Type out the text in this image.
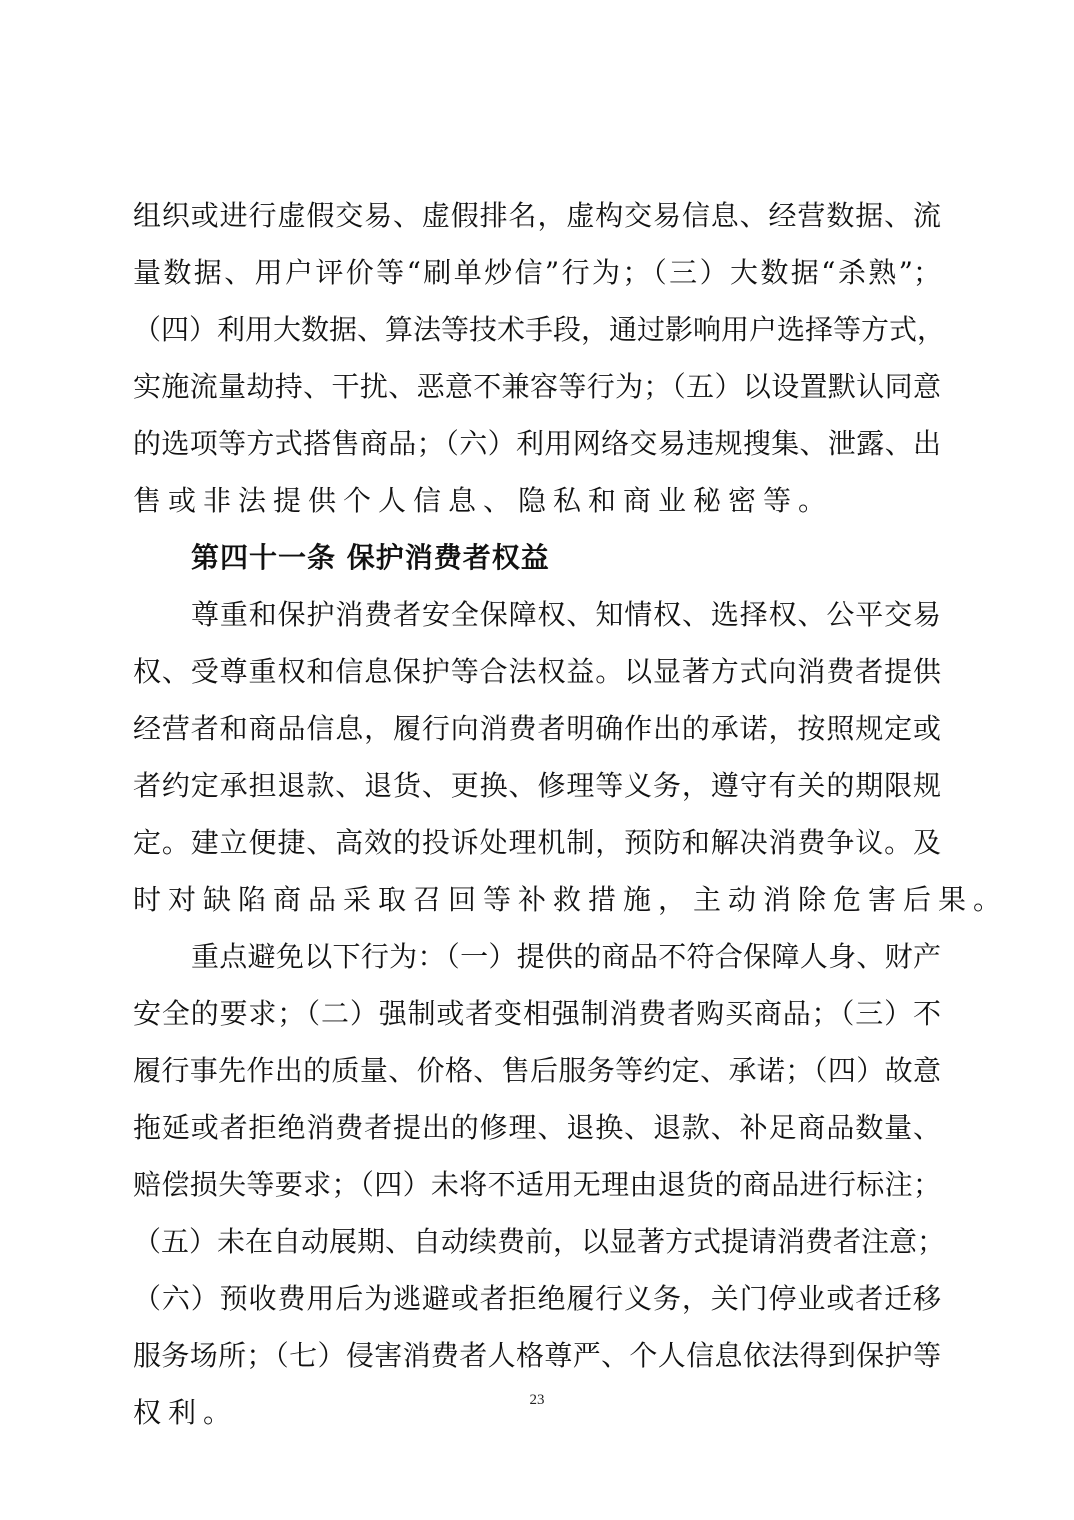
组织或进行虚假交易、虚假排名，虚构交易信息、经营数据、流
量数据、用户评价等“刷单炒信”行为；（三）大数据“杀熟”；
（四）利用大数据、算法等技术手段，通过影响用户选择等方式，
实施流量劫持、干扰、恶意不兼容等行为；（五）以设置默认同意
的选项等方式搭售商品；（六）利用网络交易违规搜集、泄露、出
售或非法提供个人信息、隐私和商业秘密等。
第四十一条 保护消费者权益
尊重和保护消费者安全保障权、知情权、选择权、公平交易
权、受尊重权和信息保护等合法权益。以显著方式向消费者提供
经营者和商品信息，履行向消费者明确作出的承诺，按照规定或
者约定承担退款、退货、更换、修理等义务，遵守有关的期限规
定。建立便捷、高效的投诉处理机制，预防和解决消费争议。及
时对缺陷商品采取召回等补救措施，主动消除危害后果。
重点避免以下行为：（一）提供的商品不符合保障人身、财产
安全的要求；（二）强制或者变相强制消费者购买商品；（三）不
履行事先作出的质量、价格、售后服务等约定、承诺；（四）故意
拖延或者拒绝消费者提出的修理、退换、退款、补足商品数量、
赔偿损失等要求；（四）未将不适用无理由退货的商品进行标注；
（五）未在自动展期、自动续费前，以显著方式提请消费者注意；
（六）预收费用后为逃避或者拒绝履行义务，关门停业或者迁移
服务场所；（七）侵害消费者人格尊严、个人信息依法得到保护等
权利。	23
